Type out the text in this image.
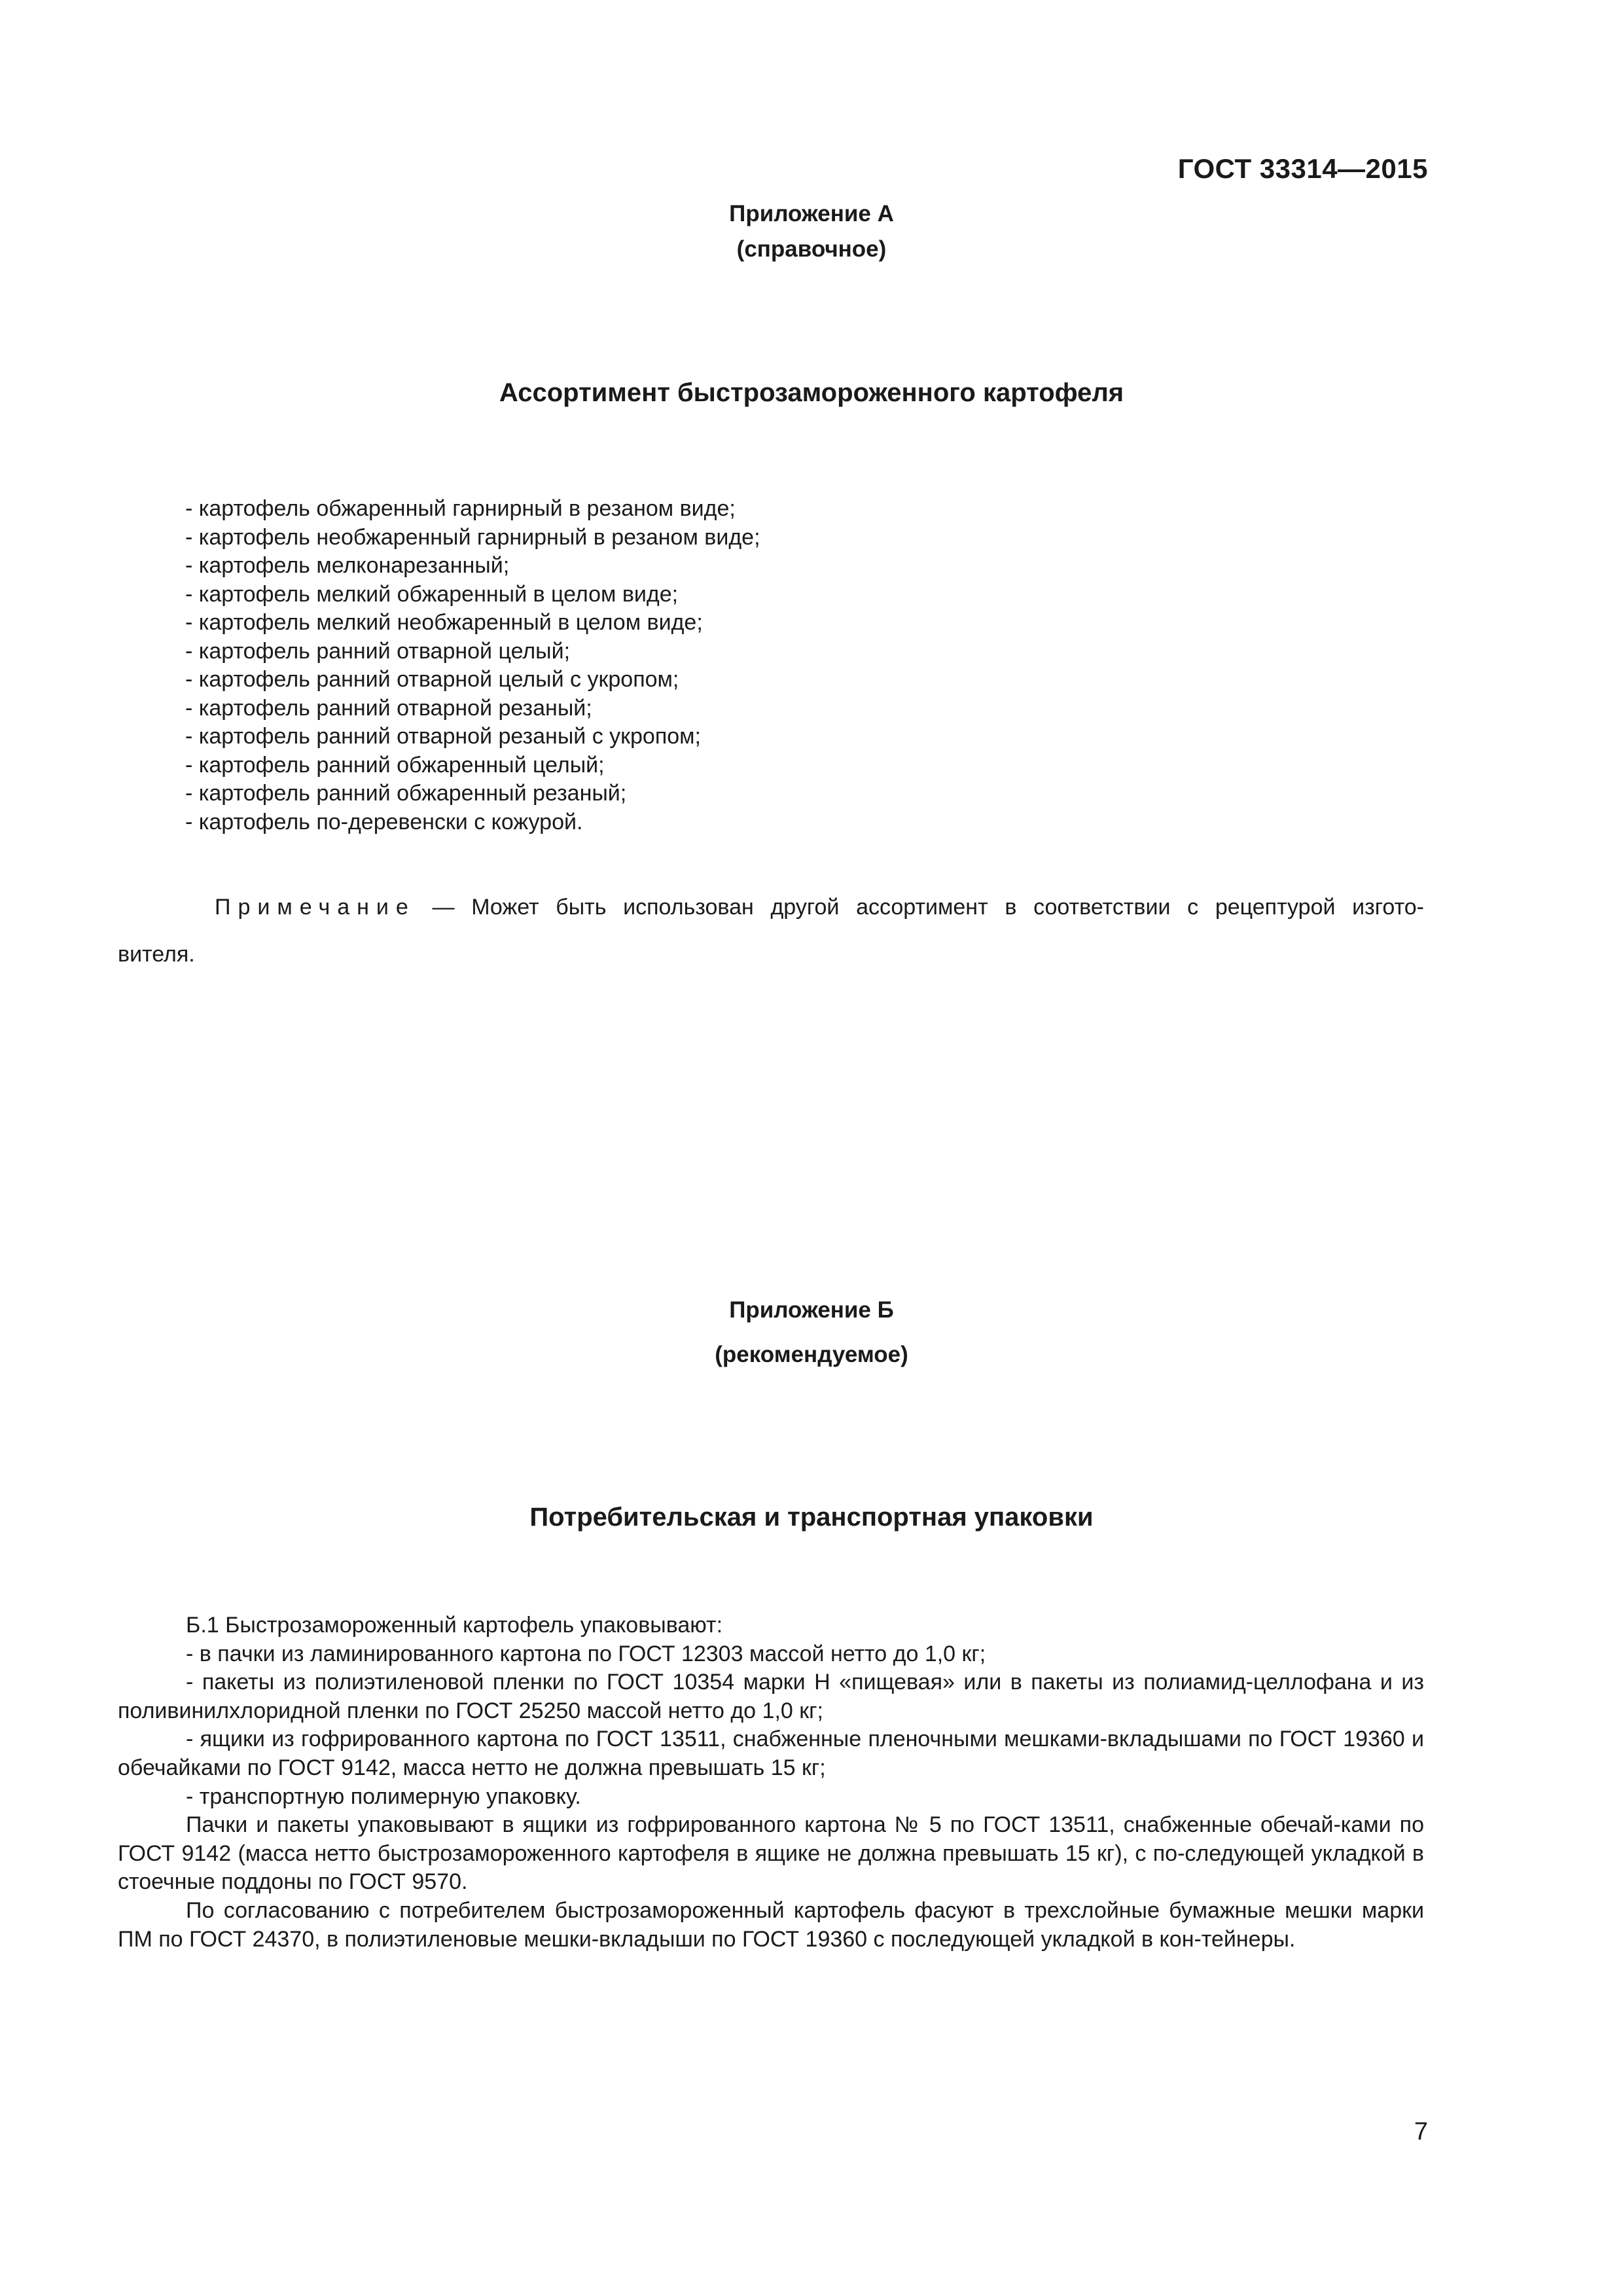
ГОСТ 33314—2015
Приложение А
(справочное)
Ассортимент быстрозамороженного картофеля
- картофель обжаренный гарнирный в резаном виде;
- картофель необжаренный гарнирный в резаном виде;
- картофель мелконарезанный;
- картофель мелкий обжаренный в целом виде;
- картофель мелкий необжаренный в целом виде;
- картофель ранний отварной целый;
- картофель ранний отварной целый с укропом;
- картофель ранний отварной резаный;
- картофель ранний отварной резаный с укропом;
- картофель ранний обжаренный целый;
- картофель ранний обжаренный резаный;
- картофель по-деревенски с кожурой.
Примечание — Может быть использован другой ассортимент в соответствии с рецептурой изгото-
вителя.
Приложение Б
(рекомендуемое)
Потребительская и транспортная упаковки

Б.1 Быстрозамороженный картофель упаковывают:

- в пачки из ламинированного картона по ГОСТ 12303 массой нетто до 1,0 кг;

- пакеты из полиэтиленовой пленки по ГОСТ 10354 марки Н «пищевая» или в пакеты из полиамид-целлофана и из поливинилхлоридной пленки по ГОСТ 25250 массой нетто до 1,0 кг;

- ящики из гофрированного картона по ГОСТ 13511, снабженные пленочными мешками-вкладышами по ГОСТ 19360 и обечайками по ГОСТ 9142, масса нетто не должна превышать 15 кг;

- транспортную полимерную упаковку.

Пачки и пакеты упаковывают в ящики из гофрированного картона № 5 по ГОСТ 13511, снабженные обечай-ками по ГОСТ 9142 (масса нетто быстрозамороженного картофеля в ящике не должна превышать 15 кг), с по-следующей укладкой в стоечные поддоны по ГОСТ 9570.

По согласованию с потребителем быстрозамороженный картофель фасуют в трехслойные бумажные мешки марки ПМ по ГОСТ 24370, в полиэтиленовые мешки-вкладыши по ГОСТ 19360 с последующей укладкой в кон-тейнеры.

7
